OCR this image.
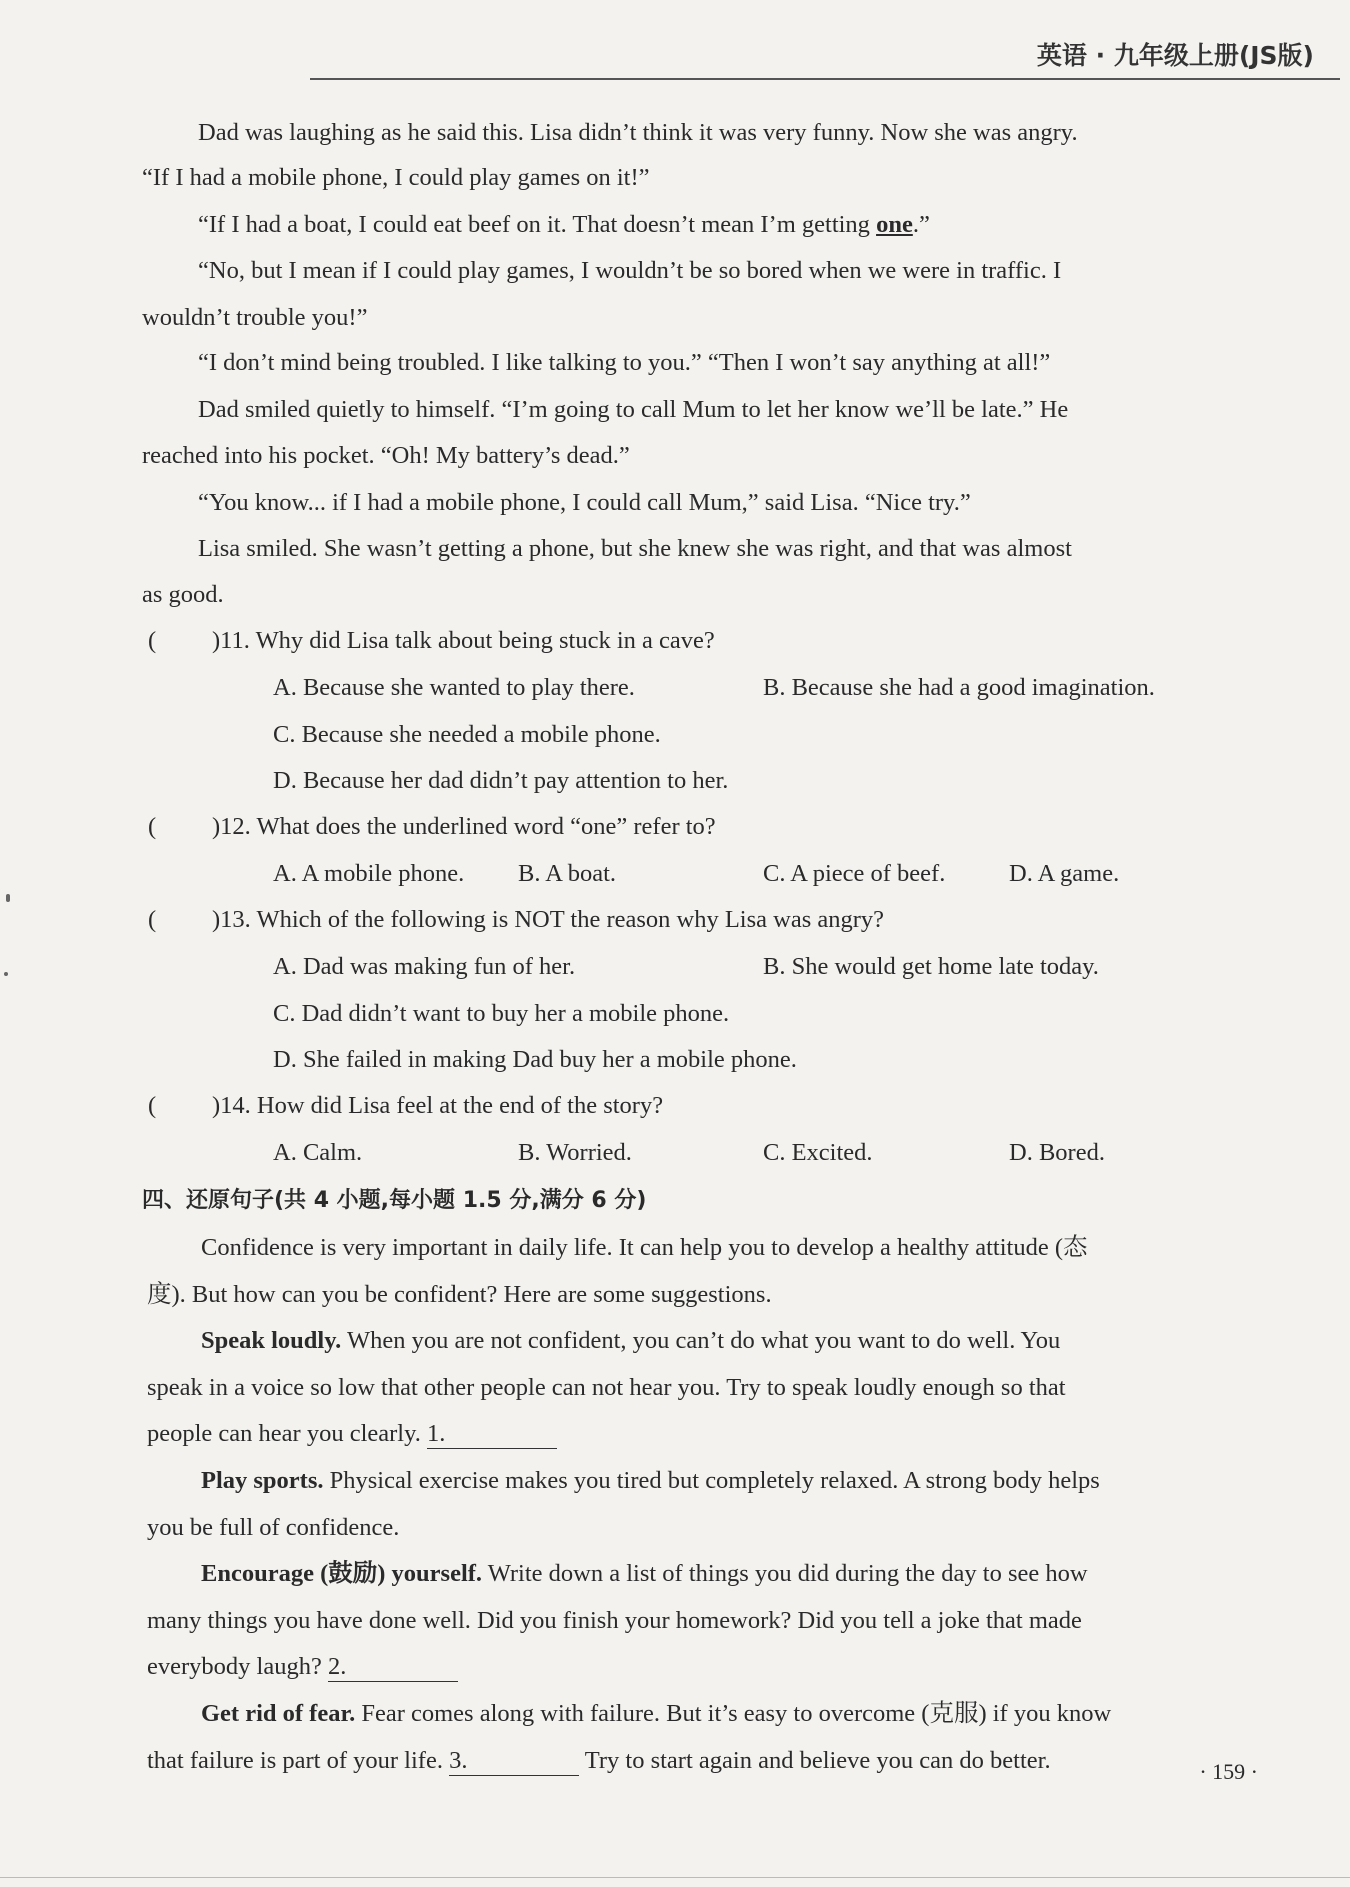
英语 · 九年级上册(JS版)
Dad was laughing as he said this. Lisa didn’t think it was very funny. Now she was angry.
“If I had a mobile phone, I could play games on it!”
“If I had a boat, I could eat beef on it. That doesn’t mean I’m getting one.”
“No, but I mean if I could play games, I wouldn’t be so bored when we were in traffic. I
wouldn’t trouble you!”
“I don’t mind being troubled. I like talking to you.” “Then I won’t say anything at all!”
Dad smiled quietly to himself. “I’m going to call Mum to let her know we’ll be late.” He
reached into his pocket. “Oh! My battery’s dead.”
“You know... if I had a mobile phone, I could call Mum,” said Lisa. “Nice try.”
Lisa smiled. She wasn’t getting a phone, but she knew she was right, and that was almost
as good.
( )11. Why did Lisa talk about being stuck in a cave?
A. Because she wanted to play there.	B. Because she had a good imagination.
C. Because she needed a mobile phone.
D. Because her dad didn’t pay attention to her.
( )12. What does the underlined word “one” refer to?
A. A mobile phone. B. A boat.	C. A piece of beef.	D. A game.
( )13. Which of the following is NOT the reason why Lisa was angry?
A. Dad was making fun of her.	B. She would get home late today.
C. Dad didn’t want to buy her a mobile phone.
D. She failed in making Dad buy her a mobile phone.
( )14. How did Lisa feel at the end of the story?
A. Calm.	B. Worried.	C. Excited.	D. Bored.
四、还原句子(共 4 小题,每小题 1.5 分,满分 6 分)
Confidence is very important in daily life. It can help you to develop a healthy attitude (态
度). But how can you be confident? Here are some suggestions.
Speak loudly. When you are not confident, you can’t do what you want to do well. You
speak in a voice so low that other people can not hear you. Try to speak loudly enough so that
people can hear you clearly. 1.
Play sports. Physical exercise makes you tired but completely relaxed. A strong body helps
you be full of confidence.
Encourage (鼓励) yourself. Write down a list of things you did during the day to see how
many things you have done well. Did you finish your homework? Did you tell a joke that made
everybody laugh? 2.
Get rid of fear. Fear comes along with failure. But it’s easy to overcome (克服) if you know
that failure is part of your life. 3.	Try to start again and believe you can do better.	· 159 ·
